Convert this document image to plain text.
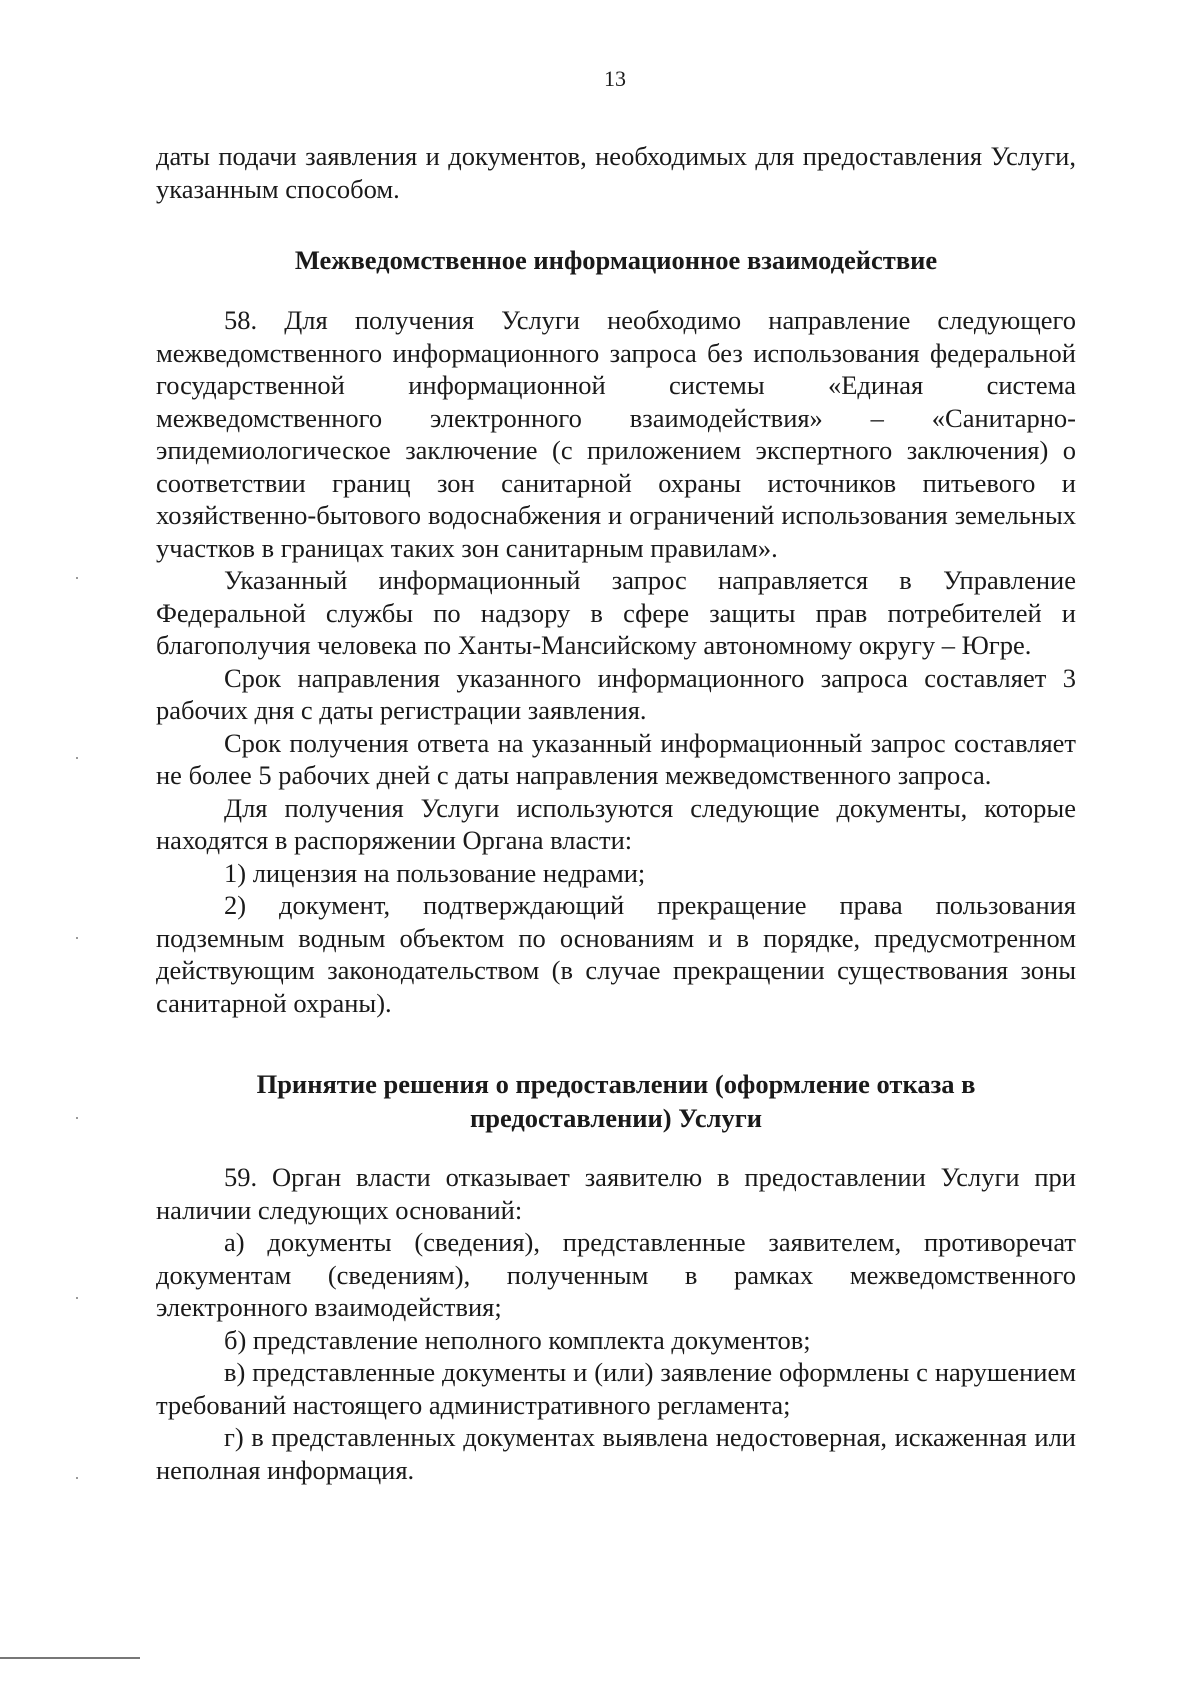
13

даты подачи заявления и документов, необходимых для предоставления Услуги, указанным способом.

Межведомственное информационное взаимодействие

58. Для получения Услуги необходимо направление следующего межведомственного информационного запроса без использования федеральной государственной информационной системы «Единая система межведомственного электронного взаимодействия» – «Санитарно-эпидемиологическое заключение (с приложением экспертного заключения) о соответствии границ зон санитарной охраны источников питьевого и хозяйственно-бытового водоснабжения и ограничений использования земельных участков в границах таких зон санитарным правилам».

Указанный информационный запрос направляется в Управление Федеральной службы по надзору в сфере защиты прав потребителей и благополучия человека по Ханты-Мансийскому автономному округу – Югре.

Срок направления указанного информационного запроса составляет 3 рабочих дня с даты регистрации заявления.

Срок получения ответа на указанный информационный запрос составляет не более 5 рабочих дней с даты направления межведомственного запроса.

Для получения Услуги используются следующие документы, которые находятся в распоряжении Органа власти:

1) лицензия на пользование недрами;

2) документ, подтверждающий прекращение права пользования подземным водным объектом по основаниям и в порядке, предусмотренном действующим законодательством (в случае прекращении существования зоны санитарной охраны).

Принятие решения о предоставлении (оформление отказа в предоставлении) Услуги

59. Орган власти отказывает заявителю в предоставлении Услуги при наличии следующих оснований:

а) документы (сведения), представленные заявителем, противоречат документам (сведениям), полученным в рамках межведомственного электронного взаимодействия;

б) представление неполного комплекта документов;

в) представленные документы и (или) заявление оформлены с нарушением требований настоящего административного регламента;

г) в представленных документах выявлена недостоверная, искаженная или неполная информация.
